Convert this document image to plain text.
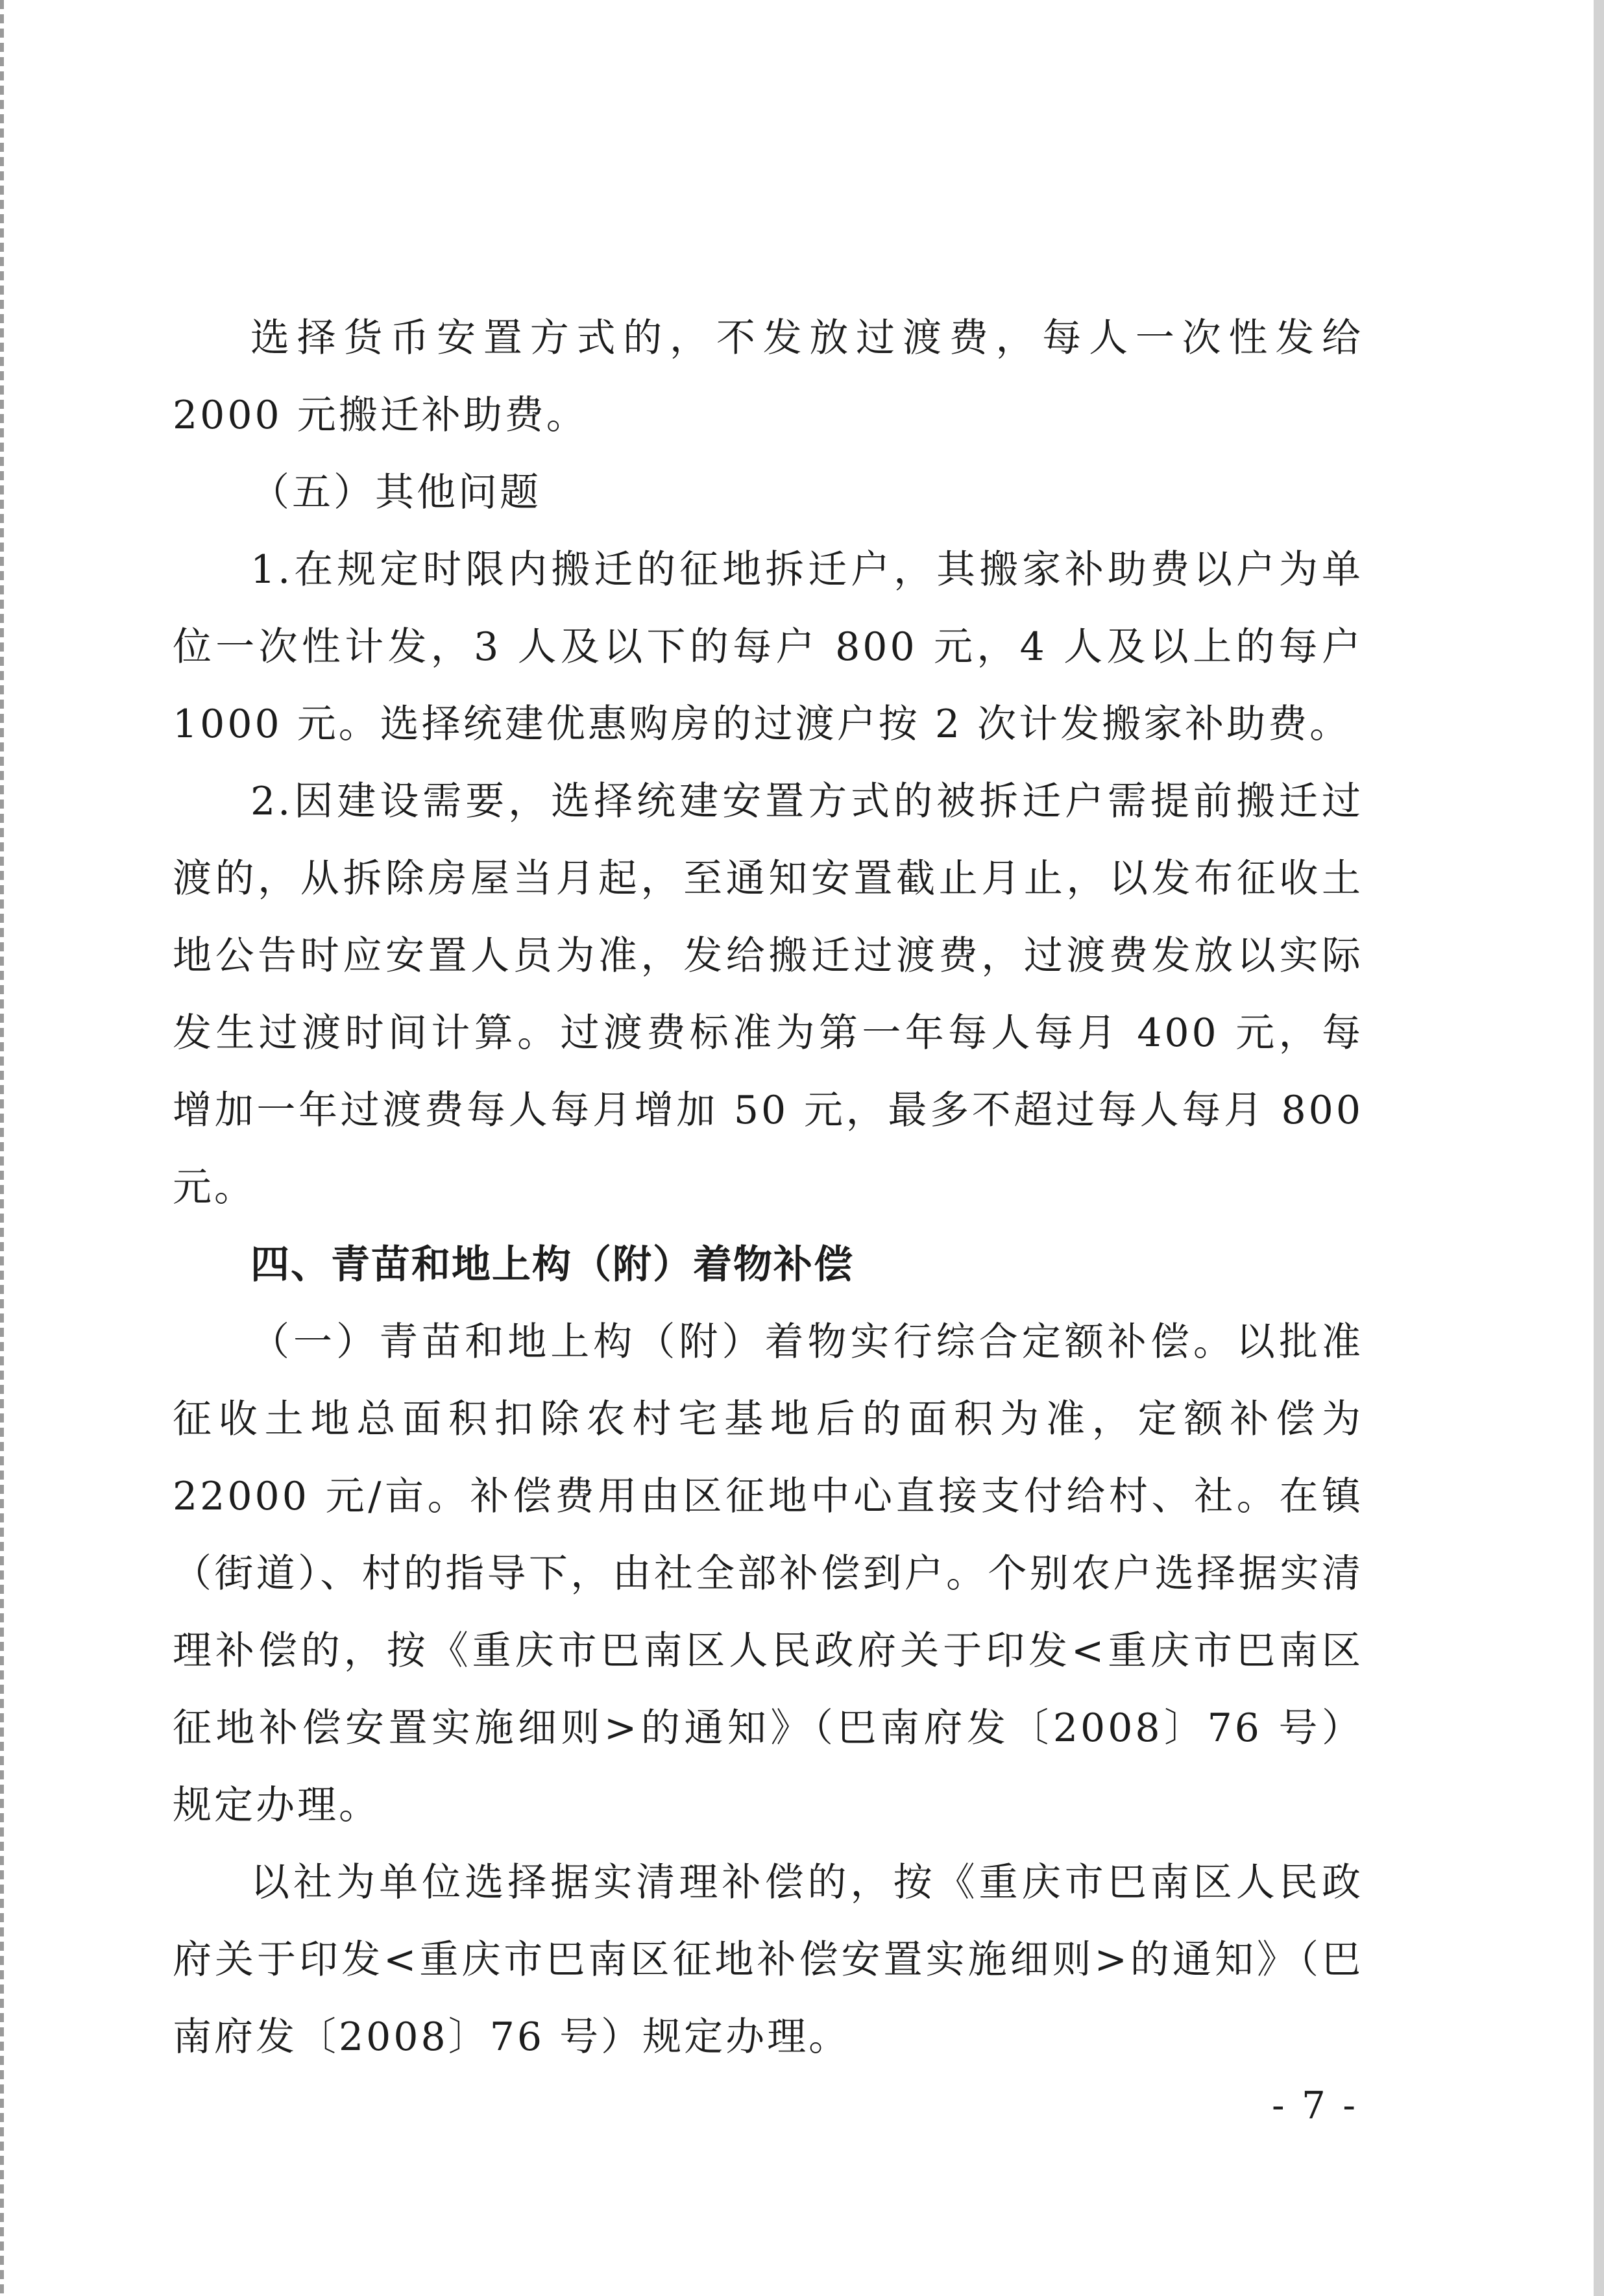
选择货币安置方式的，不发放过渡费，每人一次性发给 2000 元搬迁补助费。

（五）其他问题

1.在规定时限内搬迁的征地拆迁户，其搬家补助费以户为单位一次性计发，3 人及以下的每户 800 元，4 人及以上的每户 1000 元。选择统建优惠购房的过渡户按 2 次计发搬家补助费。

2.因建设需要，选择统建安置方式的被拆迁户需提前搬迁过渡的，从拆除房屋当月起，至通知安置截止月止，以发布征收土地公告时应安置人员为准，发给搬迁过渡费，过渡费发放以实际发生过渡时间计算。过渡费标准为第一年每人每月 400 元，每增加一年过渡费每人每月增加 50 元，最多不超过每人每月 800 元。

四、青苗和地上构（附）着物补偿

（一）青苗和地上构（附）着物实行综合定额补偿。以批准征收土地总面积扣除农村宅基地后的面积为准，定额补偿为 22000 元/亩。补偿费用由区征地中心直接支付给村、社。在镇（街道）、村的指导下，由社全部补偿到户。个别农户选择据实清理补偿的，按《重庆市巴南区人民政府关于印发<重庆市巴南区征地补偿安置实施细则>的通知》（巴南府发〔2008〕76 号）规定办理。

以社为单位选择据实清理补偿的，按《重庆市巴南区人民政府关于印发<重庆市巴南区征地补偿安置实施细则>的通知》（巴南府发〔2008〕76 号）规定办理。

- 7 -
